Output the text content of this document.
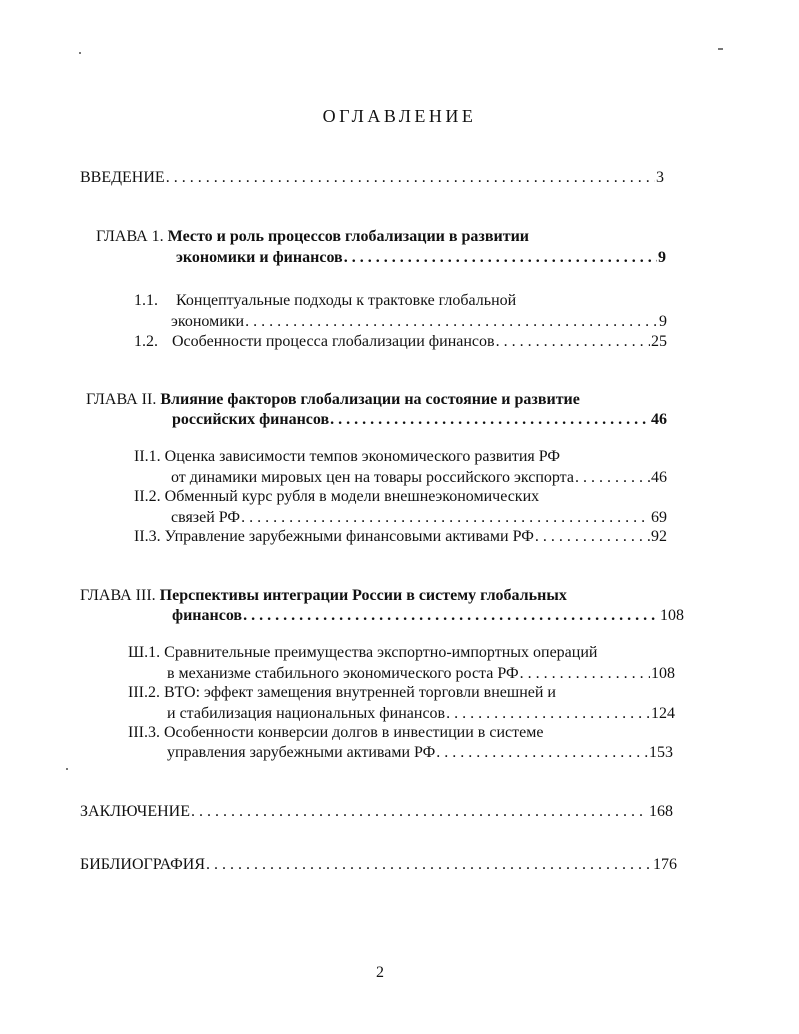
ОГЛАВЛЕНИЕ
ВВЕДЕНИЕ . . .	3
ГЛАВА 1. Место и роль процессов глобализации в развитии
экономики и финансов . . .	9
1.1. Концептуальные подходы к трактовке глобальной
экономики . . .	9
1.2. Особенности процесса глобализации финансов . . .	25
ГЛАВА II. Влияние факторов глобализации на состояние и развитие
российских финансов . . .	46
II.1. Оценка зависимости темпов экономического развития РФ
от динамики мировых цен на товары российского экспорта . . .	46
II.2. Обменный курс рубля в модели внешнеэкономических
связей РФ . . .	69
II.3. Управление зарубежными финансовыми активами РФ . . .	92
ГЛАВА III. Перспективы интеграции России в систему глобальных
финансов . . .	108
Ш.1. Сравнительные преимущества экспортно-импортных операций
в механизме стабильного экономического роста РФ . . .	108
III.2. ВТО: эффект замещения внутренней торговли внешней и
и стабилизация национальных финансов . . .	124
III.3. Особенности конверсии долгов в инвестиции в системе
управления зарубежными активами РФ . . .	153
ЗАКЛЮЧЕНИЕ . . .	168
БИБЛИОГРАФИЯ . . .	176
2
